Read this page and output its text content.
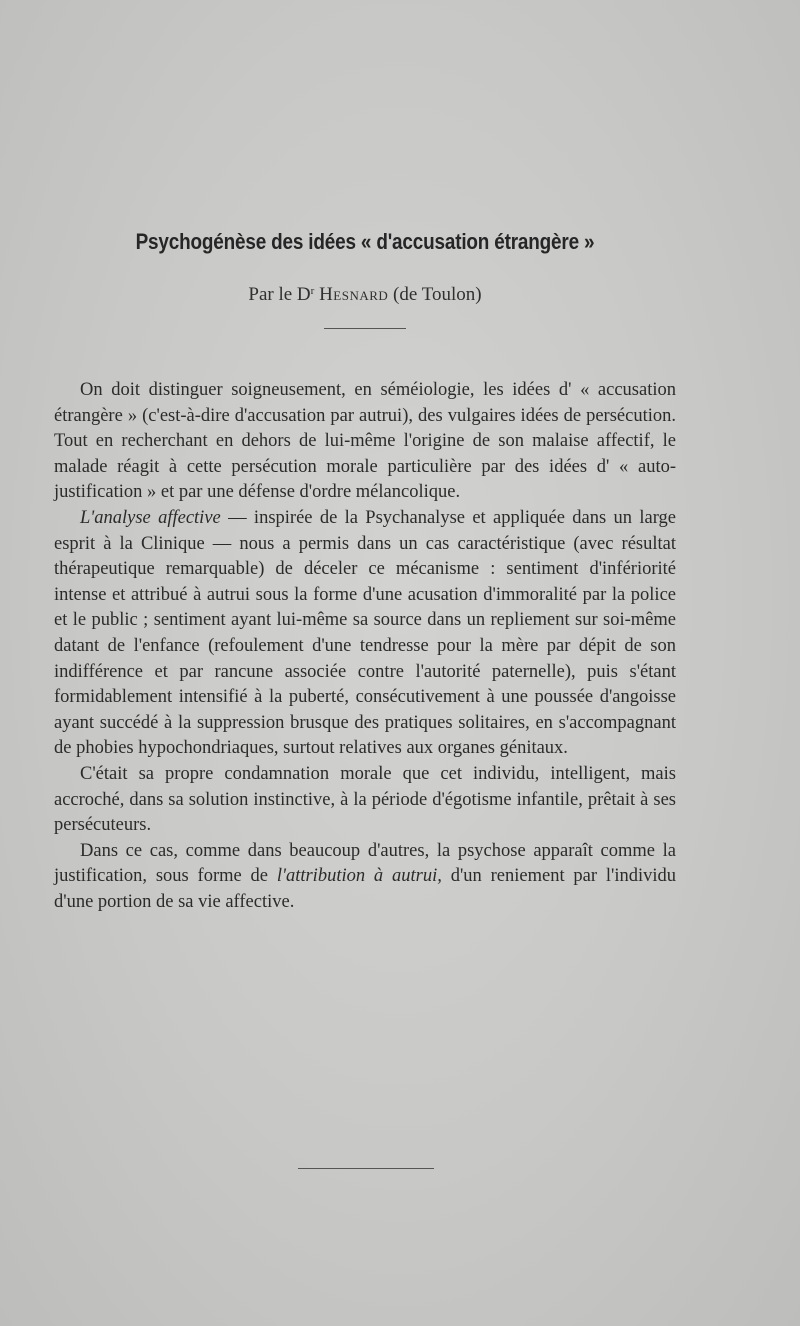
Psychogénèse des idées « d'accusation étrangère »
Par le $D^r$ Hesnard (de Toulon)

On doit distinguer soigneusement, en séméiologie, les idées d' « accusation étrangère » (c'est-à-dire d'accusation par autrui), des vulgaires idées de persécution. Tout en recherchant en dehors de lui-même l'origine de son malaise affectif, le malade réagit à cette persécution morale particulière par des idées d' « auto-justification » et par une défense d'ordre mélancolique.

L'analyse affective — inspirée de la Psychanalyse et appliquée dans un large esprit à la Clinique — nous a permis dans un cas caractéristique (avec résultat thérapeutique remarquable) de déceler ce mécanisme : sentiment d'infériorité intense et attribué à autrui sous la forme d'une acusation d'immoralité par la police et le public ; sentiment ayant lui-même sa source dans un repliement sur soi-même datant de l'enfance (refoulement d'une tendresse pour la mère par dépit de son indifférence et par rancune associée contre l'autorité paternelle), puis s'étant formidablement intensifié à la puberté, consécutivement à une poussée d'angoisse ayant succédé à la suppression brusque des pratiques solitaires, en s'accompagnant de phobies hypochondriaques, surtout relatives aux organes génitaux.

C'était sa propre condamnation morale que cet individu, intelligent, mais accroché, dans sa solution instinctive, à la période d'égotisme infantile, prêtait à ses persécuteurs.

Dans ce cas, comme dans beaucoup d'autres, la psychose apparaît comme la justification, sous forme de l'attribution à autrui, d'un reniement par l'individu d'une portion de sa vie affective.
